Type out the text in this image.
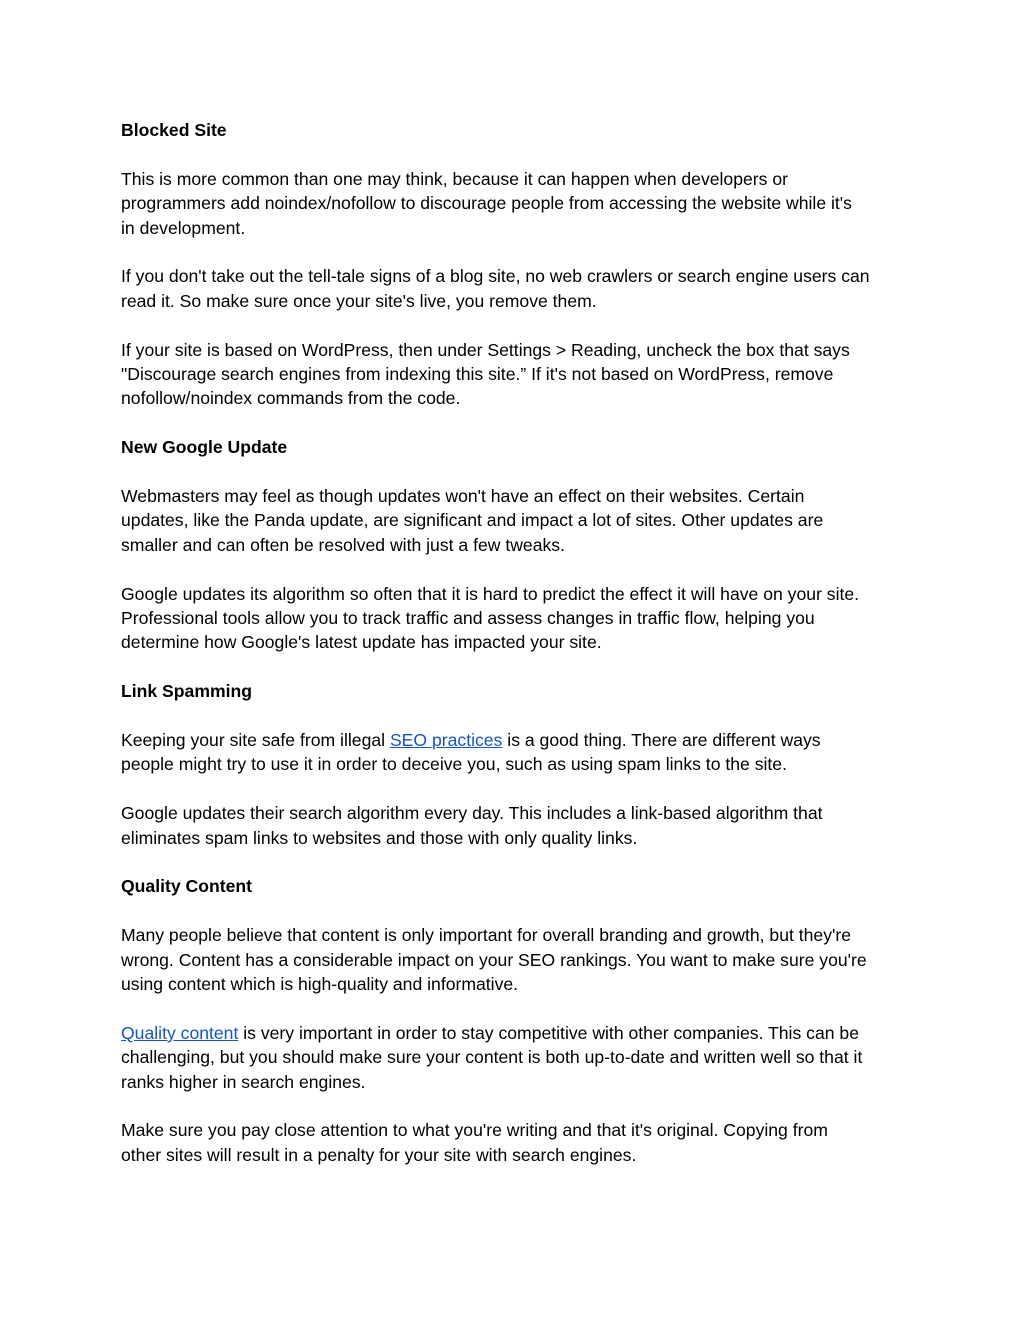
Blocked Site

This is more common than one may think, because it can happen when developers or
programmers add noindex/nofollow to discourage people from accessing the website while it's
in development.

If you don't take out the tell-tale signs of a blog site, no web crawlers or search engine users can
read it. So make sure once your site's live, you remove them.

If your site is based on WordPress, then under Settings > Reading, uncheck the box that says
"Discourage search engines from indexing this site.” If it's not based on WordPress, remove
nofollow/noindex commands from the code.

New Google Update

Webmasters may feel as though updates won't have an effect on their websites. Certain
updates, like the Panda update, are significant and impact a lot of sites. Other updates are
smaller and can often be resolved with just a few tweaks.

Google updates its algorithm so often that it is hard to predict the effect it will have on your site.
Professional tools allow you to track traffic and assess changes in traffic flow, helping you
determine how Google's latest update has impacted your site.

Link Spamming

Keeping your site safe from illegal SEO practices is a good thing. There are different ways
people might try to use it in order to deceive you, such as using spam links to the site.

Google updates their search algorithm every day. This includes a link-based algorithm that
eliminates spam links to websites and those with only quality links.

Quality Content

Many people believe that content is only important for overall branding and growth, but they're
wrong. Content has a considerable impact on your SEO rankings. You want to make sure you're
using content which is high-quality and informative.

Quality content is very important in order to stay competitive with other companies. This can be
challenging, but you should make sure your content is both up-to-date and written well so that it
ranks higher in search engines.

Make sure you pay close attention to what you're writing and that it's original. Copying from
other sites will result in a penalty for your site with search engines.
